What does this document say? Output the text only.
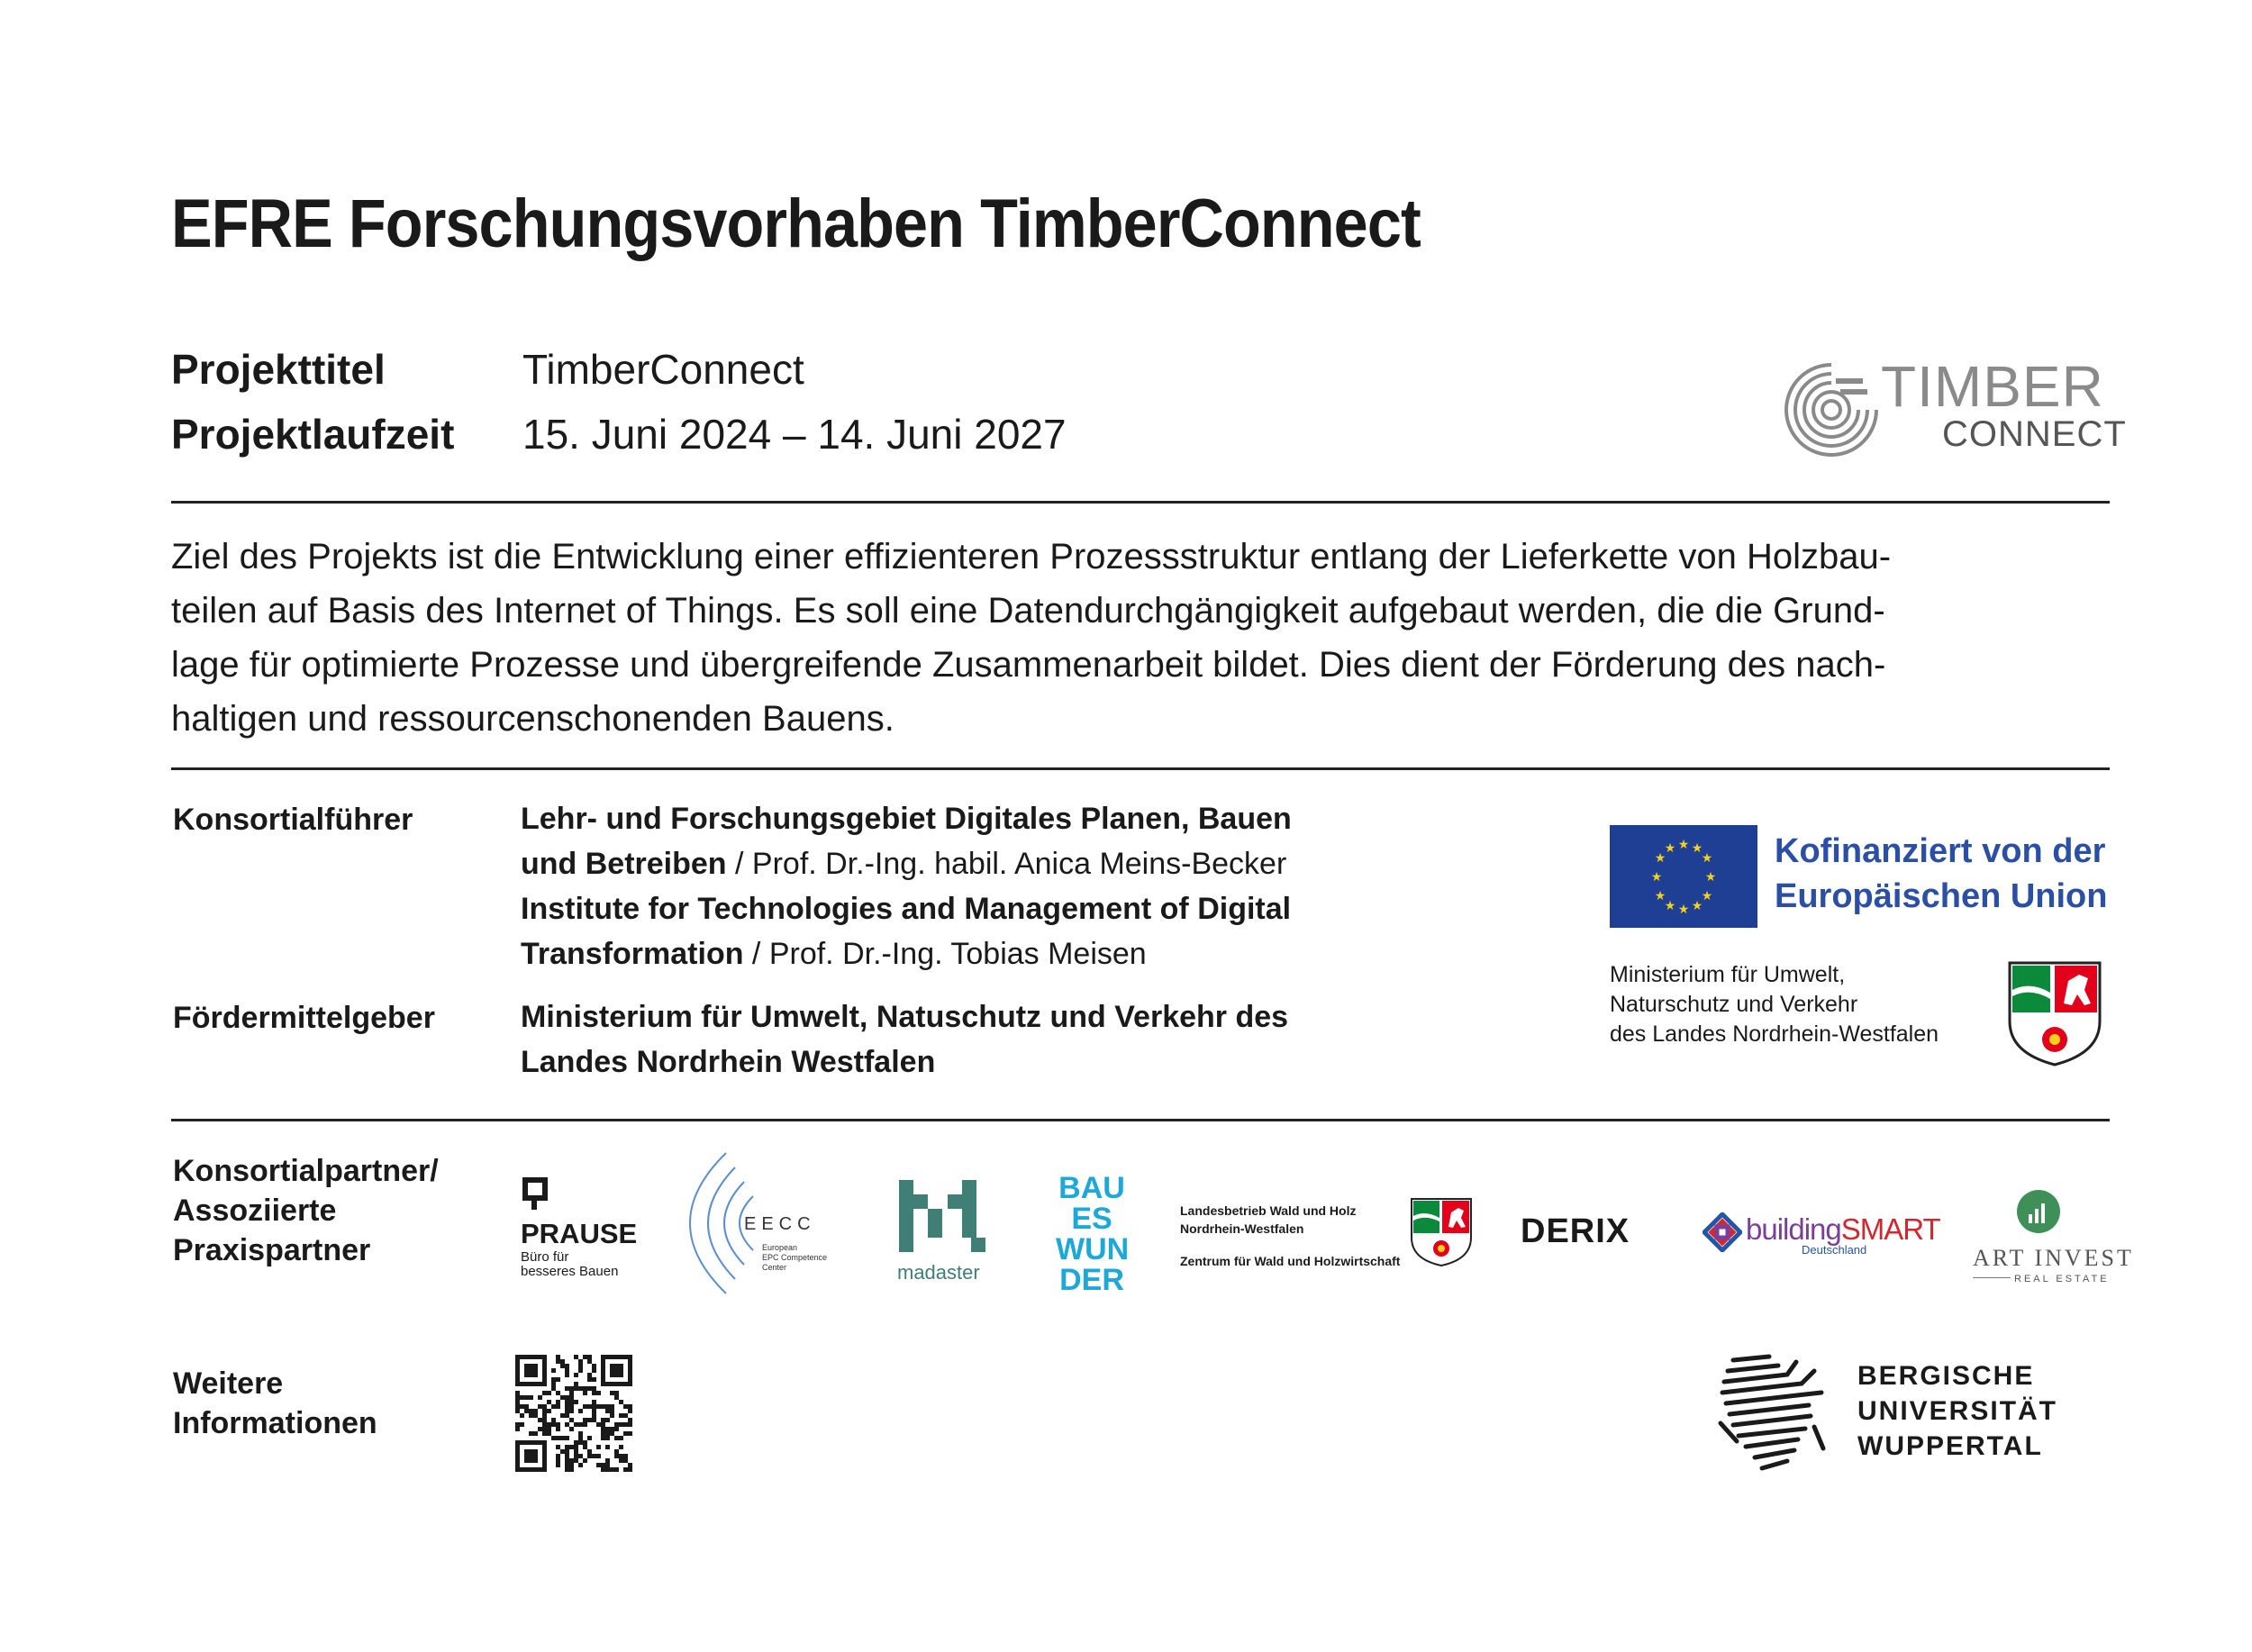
EFRE Forschungsvorhaben TimberConnect
Projekttitel	TimberConnect
Projektlaufzeit 15. Juni 2024 – 14. Juni 2027
TIMBER
CONNECT
Ziel des Projekts ist die Entwicklung einer effizienteren Prozessstruktur entlang der Lieferkette von Holzbau-
teilen auf Basis des Internet of Things. Es soll eine Datendurchgängigkeit aufgebaut werden, die die Grund-
lage für optimierte Prozesse und übergreifende Zusammenarbeit bildet. Dies dient der Förderung des nach-
haltigen und ressourcenschonenden Bauens.
Konsortialführer	Lehr- und Forschungsgebiet Digitales Planen, Bauen
und Betreiben / Prof. Dr.-Ing. habil. Anica Meins-Becker
Institute for Technologies and Management of Digital
Transformation / Prof. Dr.-Ing. Tobias Meisen
Fördermittelgeber	Ministerium für Umwelt, Natuschutz und Verkehr des
Landes Nordrhein Westfalen
★ ★
★
★
★
★
★
★
★
★
★
★	Kofinanziert von der
Europäischen Union
Ministerium für Umwelt,
Naturschutz und Verkehr
des Landes Nordrhein-Westfalen
Konsortialpartner/
Assoziierte
Praxispartner	PRAUSE
Büro für
besseres Bauen
EECC
European
EPC Competence
Center	madaster
BAU
ES
WUN
DER
Landesbetrieb Wald und Holz
Nordrhein-Westfalen
Zentrum für Wald und Holzwirtschaft
DERIX	buildingSMART
Deutschland	ART INVEST
REAL ESTATE
Weitere
Informationen
BERGISCHE
UNIVERSITÄT
WUPPERTAL
